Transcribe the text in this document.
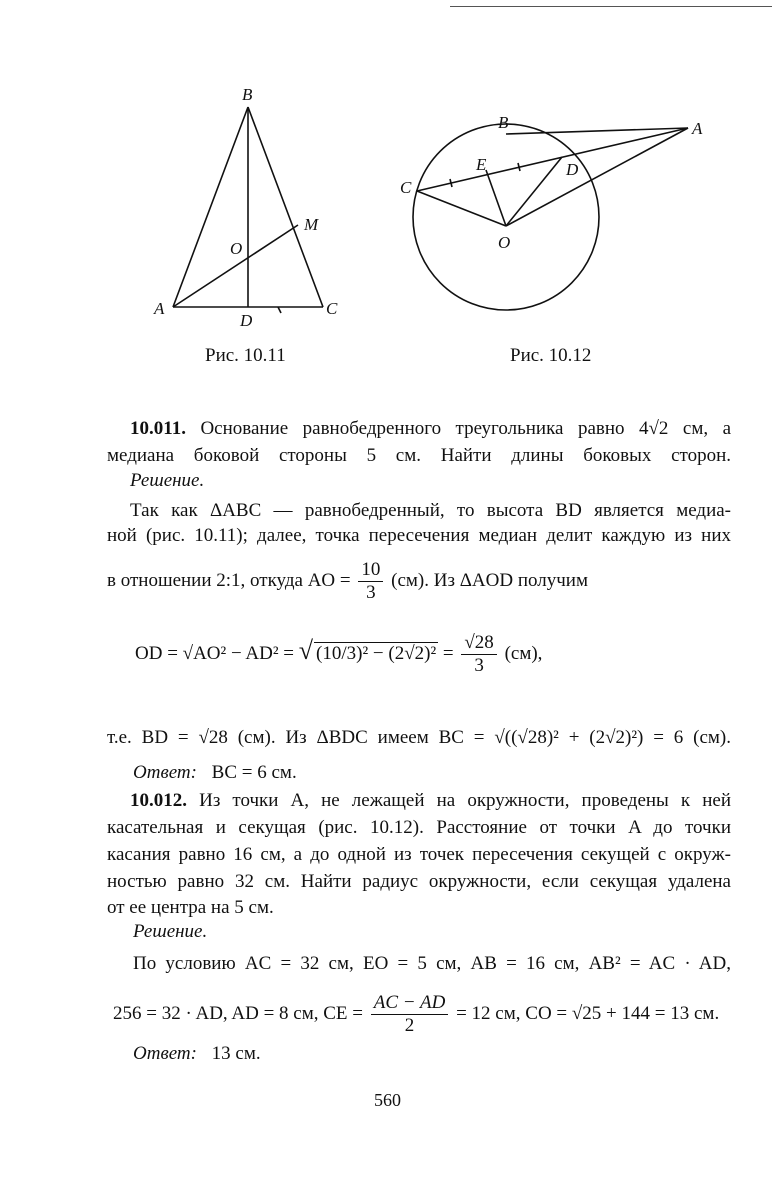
B
A	C
D
M
O
B	A
C
E	D
O
Рис. 10.11	Рис. 10.12
10.011. Основание равнобедренного треугольника равно 4√2 см, а
медиана боковой стороны 5 см. Найти длины боковых сторон.
Решение.
Так как ΔABC — равнобедренный, то высота BD является медиа-
ной (рис. 10.11); далее, точка пересечения медиан делит каждую из них
в отношении 2:1, откуда AO = $\frac{10}{3} (см)$. Из ΔAOD получим
OD = √AO² − AD² = √ $(10/3)^2 - (2√2)^2 = \frac{√28}{3} (см)$,
т.е. BD = √28 (см). Из ΔBDC имеем BC = √((√28)² + (2√2)²) = 6 (см).
Ответ: BC = 6 см.
10.012. Из точки A, не лежащей на окружности, проведены к ней
касательная и секущая (рис. 10.12). Расстояние от точки A до точки
касания равно 16 см, а до одной из точек пересечения секущей с окруж-
ностью равно 32 см. Найти радиус окружности, если секущая удалена
от ее центра на 5 см.
Решение.
По условию AC = 32 см, EO = 5 см, AB = 16 см, AB² = AC · AD,
256 = 32 · AD, AD = 8 см, CE = $\frac{AC - AD}{2} = 12$ см, CO = √25 + 144 = 13 см.
Ответ: 13 см.
560
